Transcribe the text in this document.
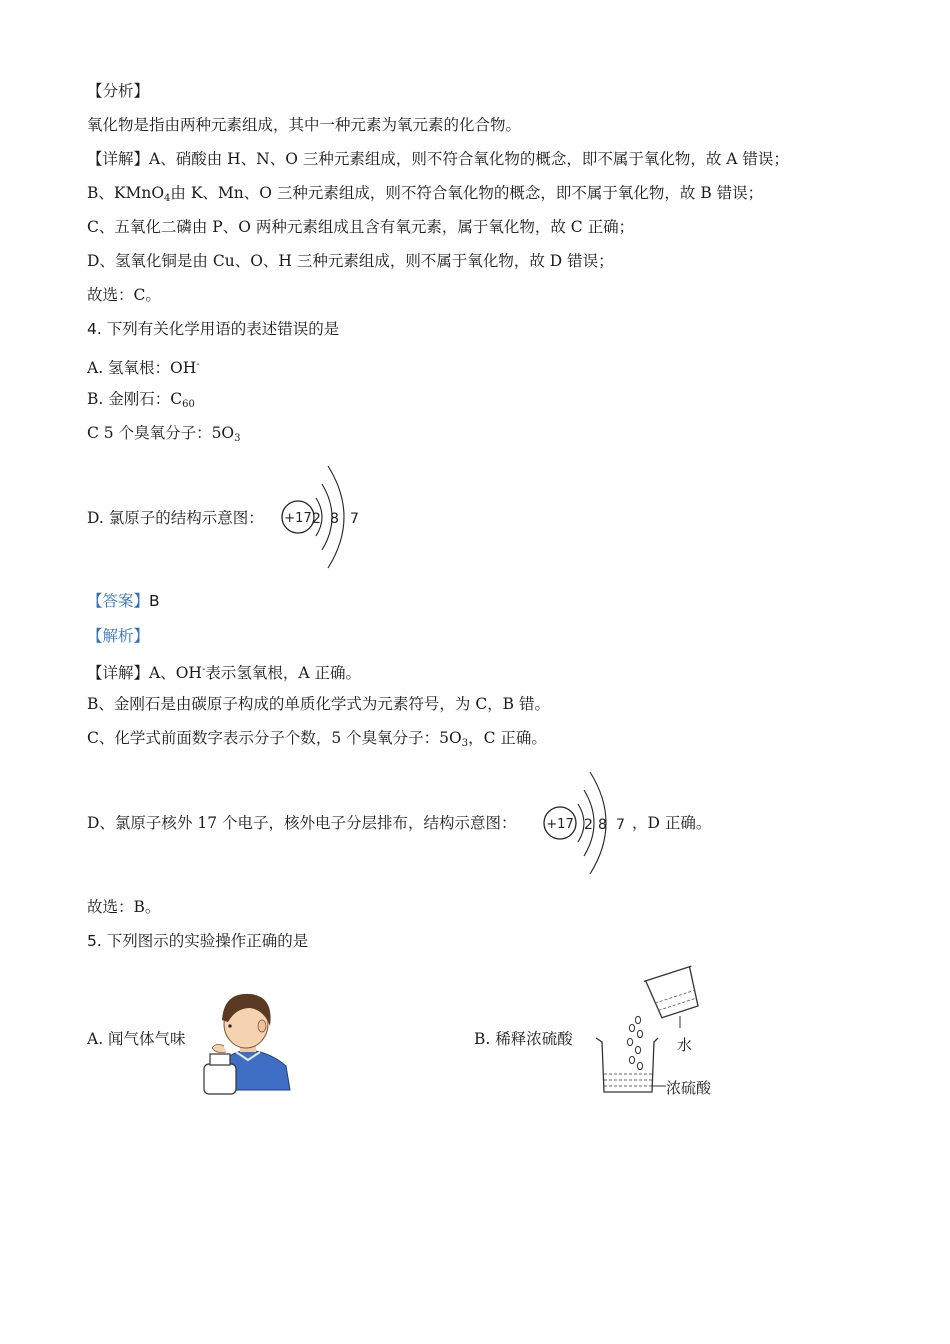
【分析】
氧化物是指由两种元素组成，其中一种元素为氧元素的化合物。
【详解】A、硝酸由 H、N、O 三种元素组成，则不符合氧化物的概念，即不属于氧化物，故 A 错误；
B、KMnO$_4$由 K、Mn、O 三种元素组成，则不符合氧化物的概念，即不属于氧化物，故 B 错误；
C、五氧化二磷由 P、O 两种元素组成且含有氧元素，属于氧化物，故 C 正确；
D、氢氧化铜是由 Cu、O、H 三种元素组成，则不属于氧化物，故 D 错误；
故选：C。
4. 下列有关化学用语的表述错误的是
A. 氢氧根：OH-
B. 金刚石：$C_{60}$
C 5 个臭氧分子：$5O_3$
D. 氯原子的结构示意图： +17 2 8 7
【答案】B
【解析】
【详解】A、OH-表示氢氧根，A 正确。
B、金刚石是由碳原子构成的单质化学式为元素符号，为 C，B 错。
C、化学式前面数字表示分子个数，5 个臭氧分子：$5O_3$，C 正确。
D、氯原子核外 17 个电子，核外电子分层排布，结构示意图： +17 2 8 7 ，D 正确。
故选：B。
5. 下列图示的实验操作正确的是
A. 闻气体气味	B. 稀释浓硫酸	水
浓硫酸
